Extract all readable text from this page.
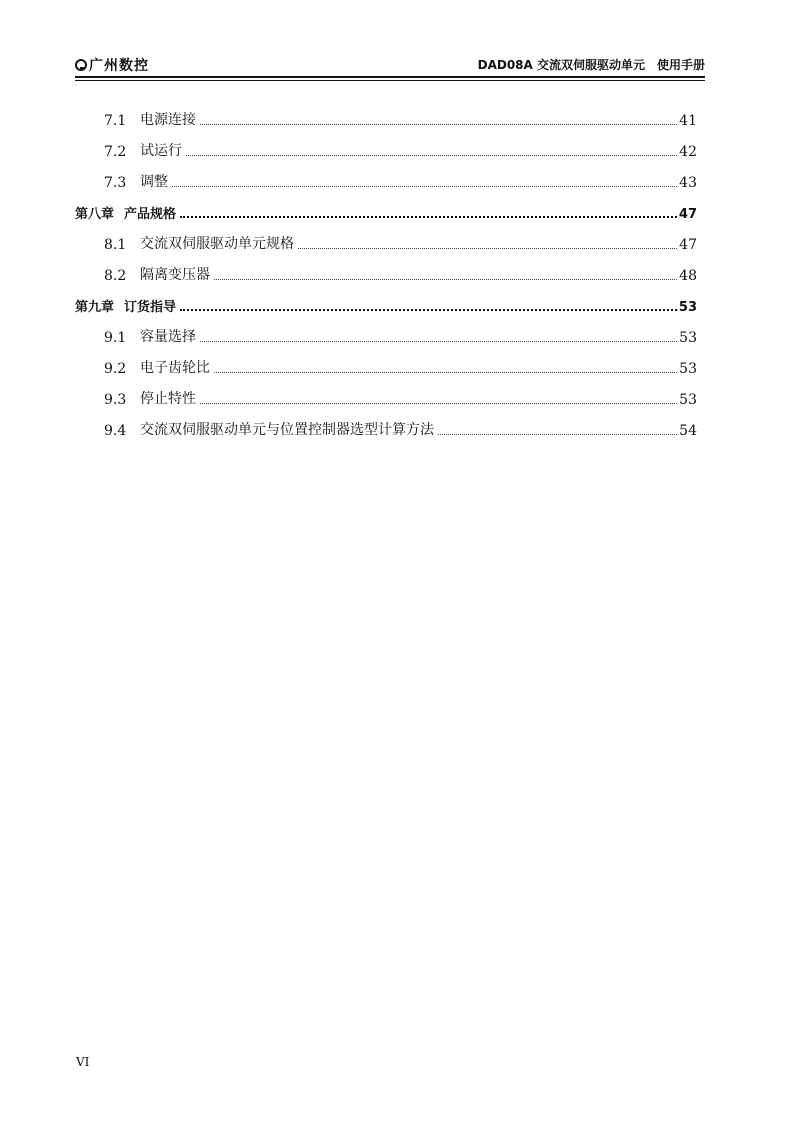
广州数控	DAD08A 交流双伺服驱动单元　使用手册
7.1 电源连接	41
7.2 试运行	42
7.3 调整	43
第八章 产品规格	47
8.1 交流双伺服驱动单元规格	47
8.2 隔离变压器	48
第九章 订货指导	53
9.1 容量选择	53
9.2 电子齿轮比	53
9.3 停止特性	53
9.4 交流双伺服驱动单元与位置控制器选型计算方法	54
VI
